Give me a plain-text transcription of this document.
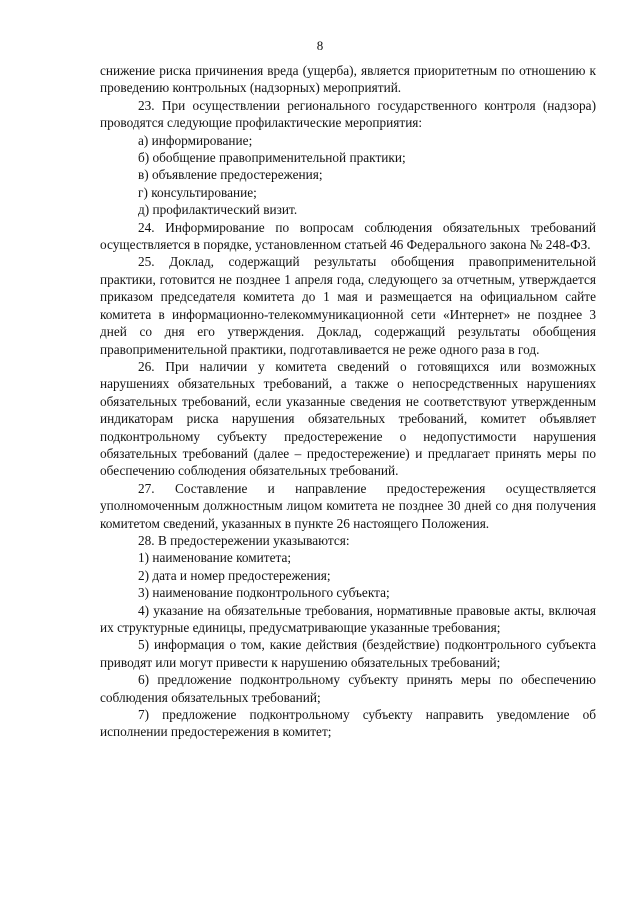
8

снижение риска причинения вреда (ущерба), является приоритетным по отношению к проведению контрольных (надзорных) мероприятий.

23. При осуществлении регионального государственного контроля (надзора) проводятся следующие профилактические мероприятия:

а) информирование;

б) обобщение правоприменительной практики;

в) объявление предостережения;

г) консультирование;

д) профилактический визит.

24. Информирование по вопросам соблюдения обязательных требований осуществляется в порядке, установленном статьей 46 Федерального закона № 248-ФЗ.

25. Доклад, содержащий результаты обобщения правоприменительной практики, готовится не позднее 1 апреля года, следующего за отчетным, утверждается приказом председателя комитета до 1 мая и размещается на официальном сайте комитета в информационно-телекоммуникационной сети «Интернет» не позднее 3 дней со дня его утверждения. Доклад, содержащий результаты обобщения правоприменительной практики, подготавливается не реже одного раза в год.

26. При наличии у комитета сведений о готовящихся или возможных нарушениях обязательных требований, а также о непосредственных нарушениях обязательных требований, если указанные сведения не соответствуют утвержденным индикаторам риска нарушения обязательных требований, комитет объявляет подконтрольному субъекту предостережение о недопустимости нарушения обязательных требований (далее – предостережение) и предлагает принять меры по обеспечению соблюдения обязательных требований.

27. Составление и направление предостережения осуществляется уполномоченным должностным лицом комитета не позднее 30 дней со дня получения комитетом сведений, указанных в пункте 26 настоящего Положения.

28. В предостережении указываются:

1) наименование комитета;

2) дата и номер предостережения;

3) наименование подконтрольного субъекта;

4) указание на обязательные требования, нормативные правовые акты, включая их структурные единицы, предусматривающие указанные требования;

5) информация о том, какие действия (бездействие) подконтрольного субъекта приводят или могут привести к нарушению обязательных требований;

6) предложение подконтрольному субъекту принять меры по обеспечению соблюдения обязательных требований;

7) предложение подконтрольному субъекту направить уведомление об исполнении предостережения в комитет;
